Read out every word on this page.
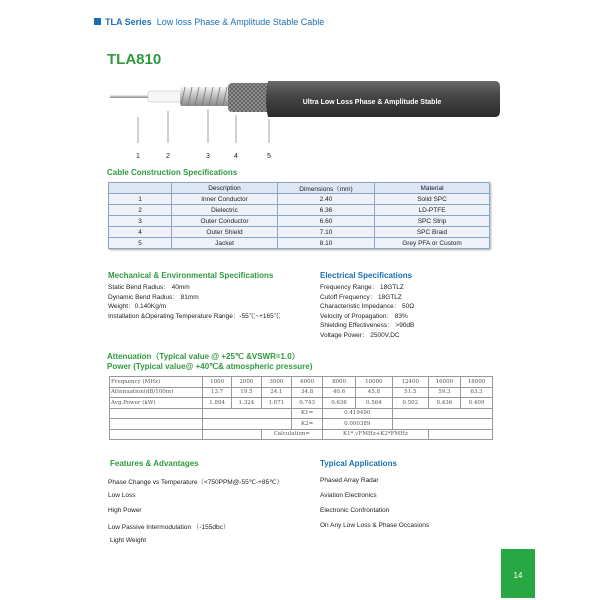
TLA Series Low loss Phase & Amplitude Stable Cable
TLA810
Ultra Low Loss Phase & Amplitude Stable
1	2	3	4	5
Cable Construction Specifications
	Description	Dimensions（mm)	Material
1	Inner Conductor	2.40	Solid SPC
2	Dielectric	6.36	LD-PTFE
3	Outer Conductor	6.60	SPC Strip
4	Outer Shield	7.10	SPC Braid
5	Jacket	8.10	Grey PFA or Custom
Mechanical & Environmental Specifications
Static Bend Radius： 40mm
Dynamic Bend Radius： 81mm
Weight：0.140Kg/m
Installation &Operating Temperature Range：-55℃~+165℃
Electrical Specifications
Frequency Range： 18GTLZ
Cutoff Frequency： 18GTLZ
Characteristic Impedance： 50Ω
Velocity of Propagation： 83%
Shielding Effectiveness： >90dB
Voltage Power： 2500V,DC
Attenuation（Typical value @ +25℃ &VSWR=1.0）
Power (Typical value@ +40℃& atmospheric pressure)
Frequency (MHz)	1000	2000	3000	6000	8000	10000	12400	16000	18000
Attenuation(dB/100m)	13.7	19.5	24.1	34.8	40.6	45.8	51.5	59.3	63.3
Avg.Power (kW)	1.894	1.324	1.071	0.743	0.636	0.564	0.502	0.436	0.409
				K1=	0.419490				
				K2=	0.000389				
			Calculation=		K1* √FMHz+K2*FMHz				
Features & Advantages
Phase Change vs Temperature（<750PPM@-55℃-+85℃）
Low Loss
High Power
Low Passive Intermodulation （-155dbc）
Light Weight
Typical Applications
Phased Array Radar
Aviation Electronics
Electronic Confrontation
On Any Low Loss & Phase Occasions
14
